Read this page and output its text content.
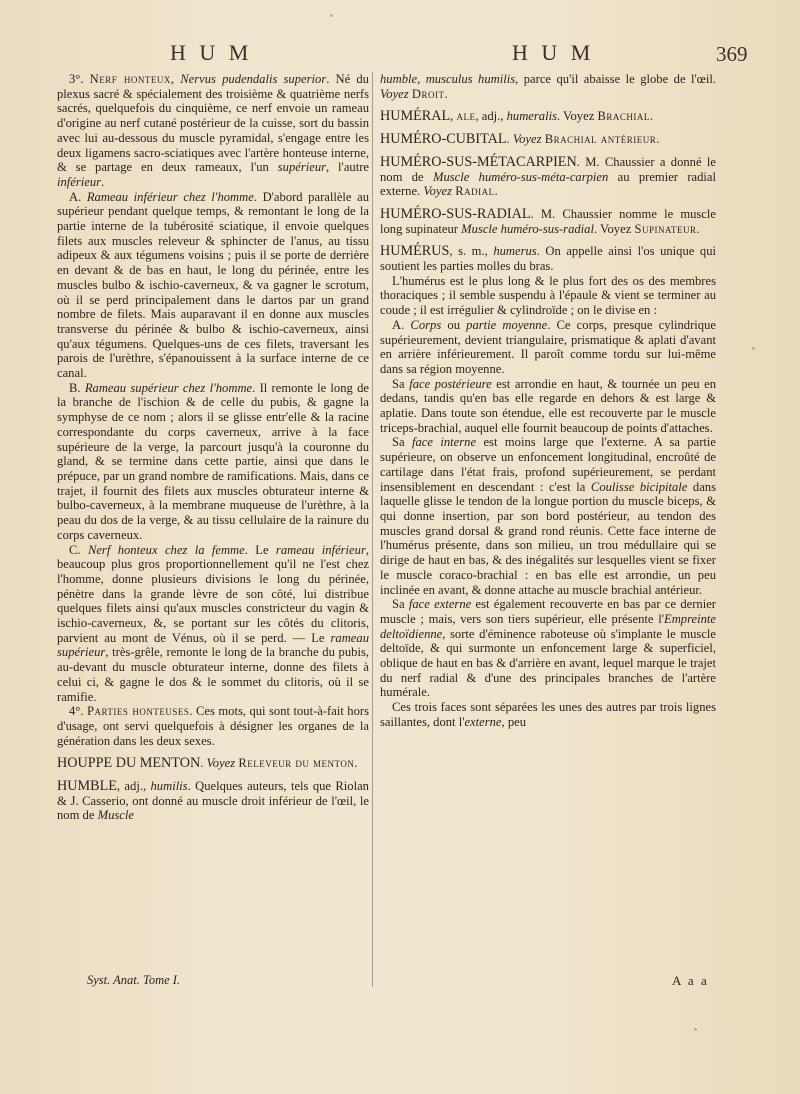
H U M	H U M	369

3°. Nerf honteux, Nervus pudendalis superior. Né du plexus sacré & spécialement des troisième & quatrième nerfs sacrés, quelquefois du cinquième, ce nerf envoie un rameau d'origine au nerf cutané postérieur de la cuisse, sort du bassin avec lui au-dessous du muscle pyramidal, s'engage entre les deux ligamens sacro-sciatiques avec l'artère honteuse interne, & se partage en deux rameaux, l'un supérieur, l'autre inférieur.

A. Rameau inférieur chez l'homme. D'abord parallèle au supérieur pendant quelque temps, & remontant le long de la partie interne de la tubérosité sciatique, il envoie quelques filets aux muscles releveur & sphincter de l'anus, au tissu adipeux & aux tégumens voisins ; puis il se porte de derrière en devant & de bas en haut, le long du périnée, entre les muscles bulbo & ischio-caverneux, & va gagner le scrotum, où il se perd principalement dans le dartos par un grand nombre de filets. Mais auparavant il en donne aux muscles transverse du périnée & bulbo & ischio-caverneux, ainsi qu'aux tégumens. Quelques-uns de ces filets, traversant les parois de l'urèthre, s'épanouissent à la surface interne de ce canal.

B. Rameau supérieur chez l'homme. Il remonte le long de la branche de l'ischion & de celle du pubis, & gagne la symphyse de ce nom ; alors il se glisse entr'elle & la racine correspondante du corps caverneux, arrive à la face supérieure de la verge, la parcourt jusqu'à la couronne du gland, & se termine dans cette partie, ainsi que dans le prépuce, par un grand nombre de ramifications. Mais, dans ce trajet, il fournit des filets aux muscles obturateur interne & bulbo-caverneux, à la membrane muqueuse de l'urèthre, à la peau du dos de la verge, & au tissu cellulaire de la rainure du corps caverneux.

C. Nerf honteux chez la femme. Le rameau inférieur, beaucoup plus gros proportionnellement qu'il ne l'est chez l'homme, donne plusieurs divisions le long du périnée, pénètre dans la grande lèvre de son côté, lui distribue quelques filets ainsi qu'aux muscles constricteur du vagin & ischio-caverneux, &, se portant sur les côtés du clitoris, parvient au mont de Vénus, où il se perd. — Le rameau supérieur, très-grêle, remonte le long de la branche du pubis, au-devant du muscle obturateur interne, donne des filets à celui ci, & gagne le dos & le sommet du clitoris, où il se ramifie.

4°. Parties honteuses. Ces mots, qui sont tout-à-fait hors d'usage, ont servi quelquefois à désigner les organes de la génération dans les deux sexes.

HOUPPE DU MENTON. Voyez Releveur du menton.

HUMBLE, adj., humilis. Quelques auteurs, tels que Riolan & J. Casserio, ont donné au muscle droit inférieur de l'œil, le nom de Muscle

humble, musculus humilis, parce qu'il abaisse le globe de l'œil. Voyez Droit.

HUMÉRAL, ale, adj., humeralis. Voyez Brachial.

HUMÉRO-CUBITAL. Voyez Brachial antérieur.

HUMÉRO-SUS-MÉTACARPIEN. M. Chaussier a donné le nom de Muscle huméro-sus-méta-carpien au premier radial externe. Voyez Radial.

HUMÉRO-SUS-RADIAL. M. Chaussier nomme le muscle long supinateur Muscle huméro-sus-radial. Voyez Supinateur.

HUMÉRUS, s. m., humerus. On appelle ainsi l'os unique qui soutient les parties molles du bras.

L'humérus est le plus long & le plus fort des os des membres thoraciques ; il semble suspendu à l'épaule & vient se terminer au coude ; il est irrégulier & cylindroïde ; on le divise en :

A. Corps ou partie moyenne. Ce corps, presque cylindrique supérieurement, devient triangulaire, prismatique & aplati d'avant en arrière inférieurement. Il paroît comme tordu sur lui-même dans sa région moyenne.

Sa face postérieure est arrondie en haut, & tournée un peu en dedans, tandis qu'en bas elle regarde en dehors & est large & aplatie. Dans toute son étendue, elle est recouverte par le muscle triceps-brachial, auquel elle fournit beaucoup de points d'attaches.

Sa face interne est moins large que l'externe. A sa partie supérieure, on observe un enfoncement longitudinal, encroûté de cartilage dans l'état frais, profond supérieurement, se perdant insensiblement en descendant : c'est la Coulisse bicipitale dans laquelle glisse le tendon de la longue portion du muscle biceps, & qui donne insertion, par son bord postérieur, au tendon des muscles grand dorsal & grand rond réunis. Cette face interne de l'humérus présente, dans son milieu, un trou médullaire qui se dirige de haut en bas, & des inégalités sur lesquelles vient se fixer le muscle coraco-brachial : en bas elle est arrondie, un peu inclinée en avant, & donne attache au muscle brachial antérieur.

Sa face externe est également recouverte en bas par ce dernier muscle ; mais, vers son tiers supérieur, elle présente l'Empreinte deltoïdienne, sorte d'éminence raboteuse où s'implante le muscle deltoïde, & qui surmonte un enfoncement large & superficiel, oblique de haut en bas & d'arrière en avant, lequel marque le trajet du nerf radial & d'une des principales branches de l'artère humérale.

Ces trois faces sont séparées les unes des autres par trois lignes saillantes, dont l'externe, peu

Syst. Anat. Tome I.	A a a
